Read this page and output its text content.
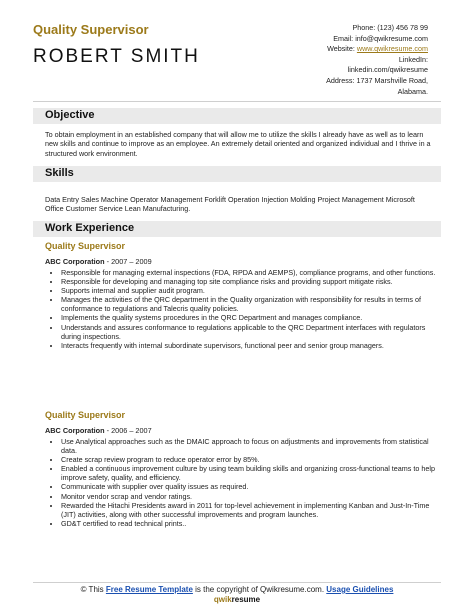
Quality Supervisor
ROBERT SMITH
Phone: (123) 456 78 99
Email: info@qwikresume.com
Website: www.qwikresume.com
LinkedIn:
linkedin.com/qwikresume
Address: 1737 Marshville Road,
Alabama.
Objective
To obtain employment in an established company that will allow me to utilize the skills I already have as well as to learn new skills and continue to improve as an employee. An extremely detail oriented and organized individual and I thrive in a structured work environment.
Skills
Data Entry Sales Machine Operator Management Forklift Operation Injection Molding Project Management Microsoft Office Customer Service Lean Manufacturing.
Work Experience
Quality Supervisor
ABC Corporation - 2007 – 2009
• Responsible for managing external inspections (FDA, RPDA and AEMPS), compliance programs, and other functions.
• Responsible for developing and managing top site compliance risks and providing support mitigate risks.
• Supports internal and supplier audit program.
• Manages the activities of the QRC department in the Quality organization with responsibility for results in terms of conformance to regulations and Talecris quality policies.
• Implements the quality systems procedures in the QRC Department and manages compliance.
• Understands and assures conformance to regulations applicable to the QRC Department interfaces with regulators during inspections.
• Interacts frequently with internal subordinate supervisors, functional peer and senior group managers.
Quality Supervisor
ABC Corporation - 2006 – 2007
• Use Analytical approaches such as the DMAIC approach to focus on adjustments and improvements from statistical data.
• Create scrap review program to reduce operator error by 85%.
• Enabled a continuous improvement culture by using team building skills and organizing cross-functional teams to help improve safety, quality, and efficiency.
• Communicate with supplier over quality issues as required.
• Monitor vendor scrap and vendor ratings.
• Rewarded the Hitachi Presidents award in 2011 for top-level achievement in implementing Kanban and Just-In-Time (JIT) activities, along with other successful improvements and program launches.
• GD&T certified to read technical prints..
© This Free Resume Template is the copyright of Qwikresume.com. Usage Guidelines
qwikresume
